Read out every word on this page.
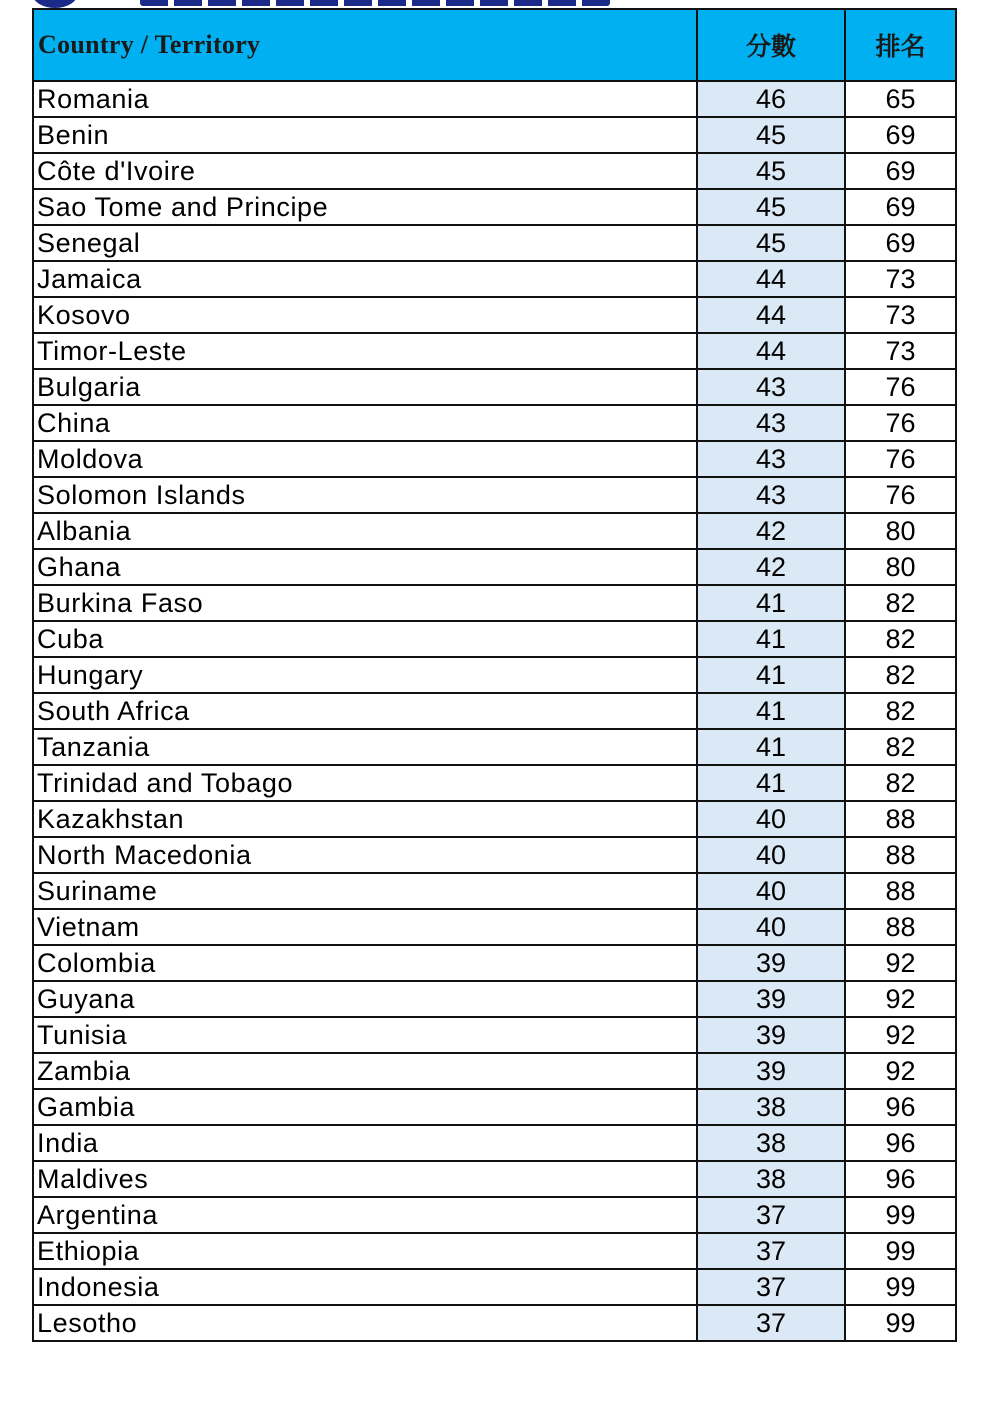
Country / Territory	分數	排名
Romania	46	65
Benin	45	69
Côte d'Ivoire	45	69
Sao Tome and Principe	45	69
Senegal	45	69
Jamaica	44	73
Kosovo	44	73
Timor-Leste	44	73
Bulgaria	43	76
China	43	76
Moldova	43	76
Solomon Islands	43	76
Albania	42	80
Ghana	42	80
Burkina Faso	41	82
Cuba	41	82
Hungary	41	82
South Africa	41	82
Tanzania	41	82
Trinidad and Tobago	41	82
Kazakhstan	40	88
North Macedonia	40	88
Suriname	40	88
Vietnam	40	88
Colombia	39	92
Guyana	39	92
Tunisia	39	92
Zambia	39	92
Gambia	38	96
India	38	96
Maldives	38	96
Argentina	37	99
Ethiopia	37	99
Indonesia	37	99
Lesotho	37	99
